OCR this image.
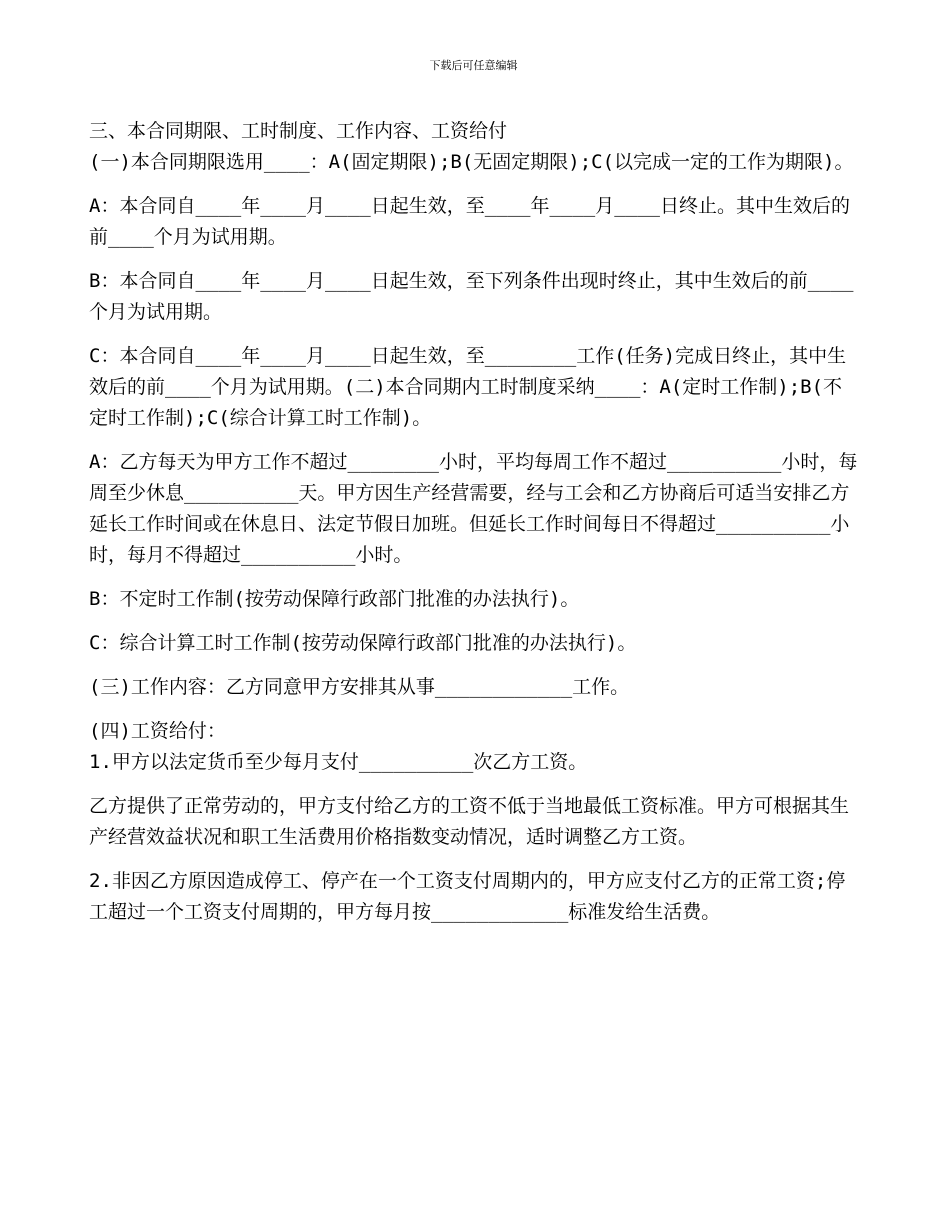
下载后可任意编辑

三、本合同期限、工时制度、工作内容、工资给付

(一)本合同期限选用____：A(固定期限);B(无固定期限);C(以完成一定的工作为期限)。

A：本合同自____年____月____日起生效，至____年____月____日终止。其中生效后的前____个月为试用期。

B：本合同自____年____月____日起生效，至下列条件出现时终止，其中生效后的前____个月为试用期。

C：本合同自____年____月____日起生效，至________工作(任务)完成日终止，其中生效后的前____个月为试用期。(二)本合同期内工时制度采纳____：A(定时工作制);B(不定时工作制);C(综合计算工时工作制)。

A：乙方每天为甲方工作不超过________小时，平均每周工作不超过__________小时，每周至少休息__________天。甲方因生产经营需要，经与工会和乙方协商后可适当安排乙方延长工作时间或在休息日、法定节假日加班。但延长工作时间每日不得超过__________小时，每月不得超过__________小时。

B：不定时工作制(按劳动保障行政部门批准的办法执行)。

C：综合计算工时工作制(按劳动保障行政部门批准的办法执行)。

(三)工作内容：乙方同意甲方安排其从事____________工作。

(四)工资给付：

1.甲方以法定货币至少每月支付__________次乙方工资。

乙方提供了正常劳动的，甲方支付给乙方的工资不低于当地最低工资标准。甲方可根据其生产经营效益状况和职工生活费用价格指数变动情况，适时调整乙方工资。

2.非因乙方原因造成停工、停产在一个工资支付周期内的，甲方应支付乙方的正常工资;停工超过一个工资支付周期的，甲方每月按____________标准发给生活费。
